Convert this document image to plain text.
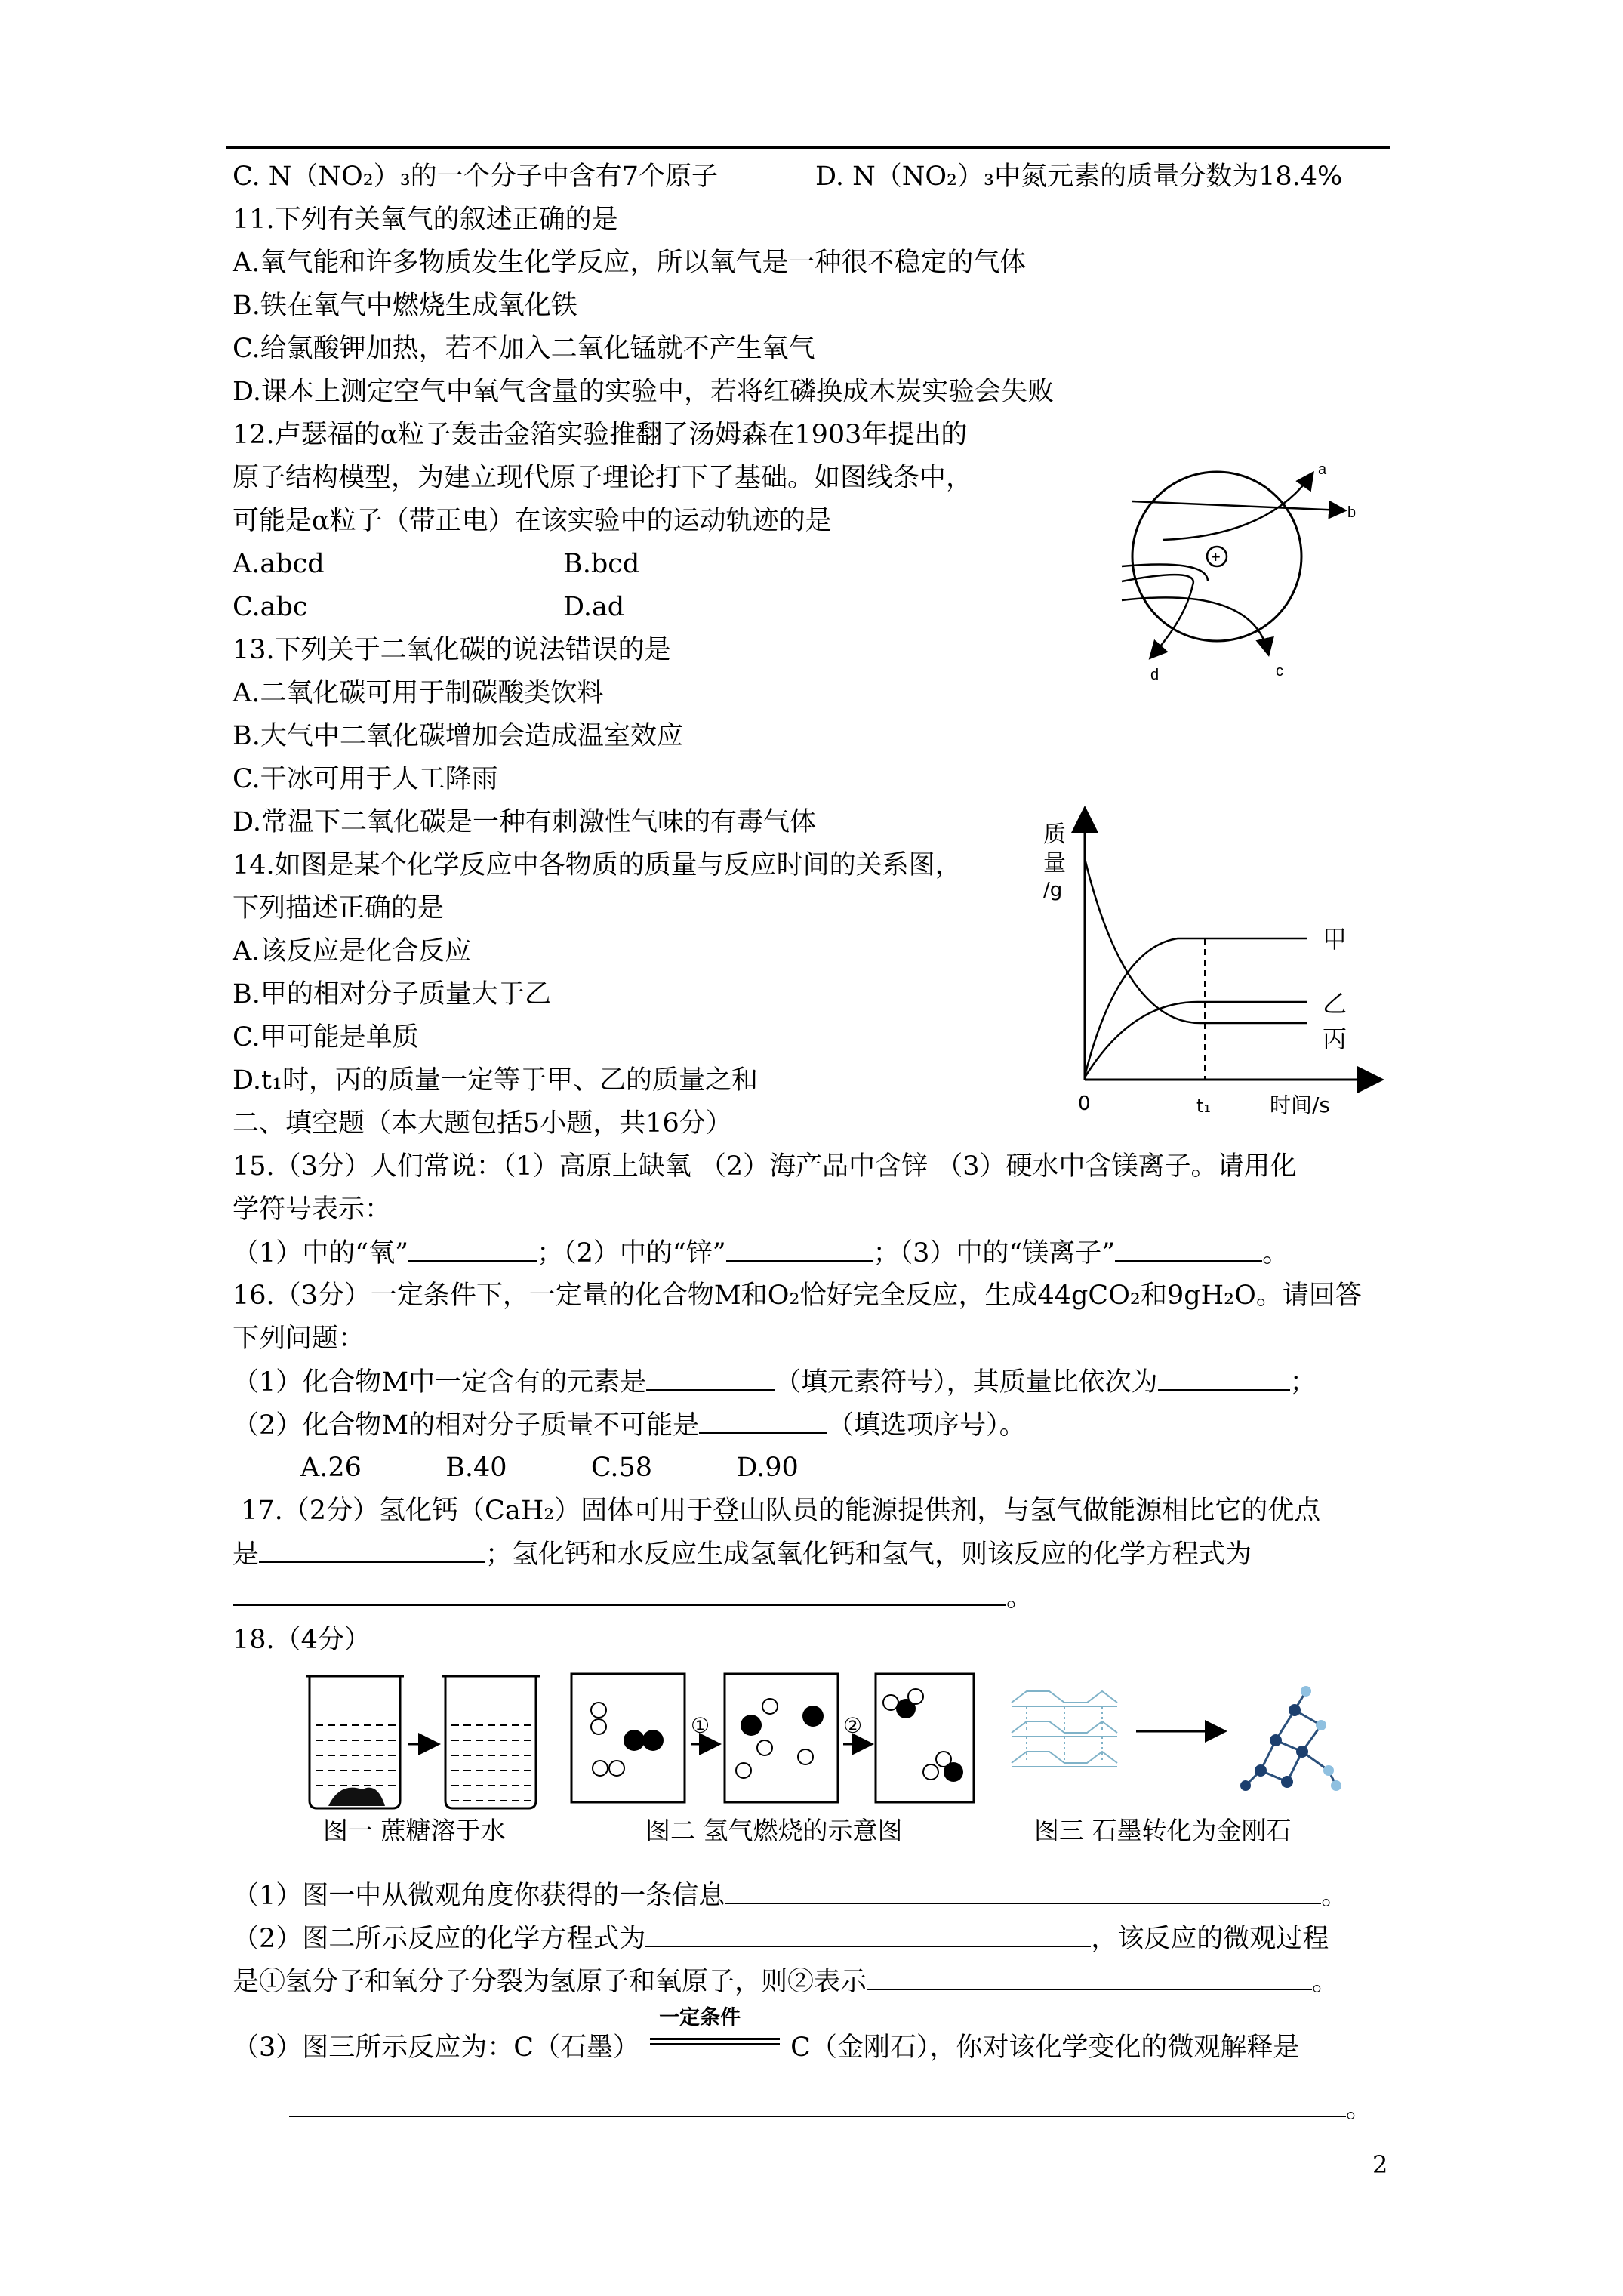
C. N（NO₂）₃的一个分子中含有7个原子	D. N（NO₂）₃中氮元素的质量分数为18.4%
11.下列有关氧气的叙述正确的是
A.氧气能和许多物质发生化学反应，所以氧气是一种很不稳定的气体
B.铁在氧气中燃烧生成氧化铁
C.给氯酸钾加热，若不加入二氧化锰就不产生氧气
D.课本上测定空气中氧气含量的实验中，若将红磷换成木炭实验会失败
12.卢瑟福的α粒子轰击金箔实验推翻了汤姆森在1903年提出的
原子结构模型，为建立现代原子理论打下了基础。如图线条中，
可能是α粒子（带正电）在该实验中的运动轨迹的是
A.abcd	B.bcd
C.abc	D.ad
+
a
b
c
d
13.下列关于二氧化碳的说法错误的是
A.二氧化碳可用于制碳酸类饮料
B.大气中二氧化碳增加会造成温室效应
C.干冰可用于人工降雨
D.常温下二氧化碳是一种有刺激性气味的有毒气体
14.如图是某个化学反应中各物质的质量与反应时间的关系图，
下列描述正确的是
A.该反应是化合反应
B.甲的相对分子质量大于乙
C.甲可能是单质
D.t₁时，丙的质量一定等于甲、乙的质量之和
质
量
/g
0	t₁	时间/s
甲
乙
丙
二、填空题（本大题包括5小题，共16分）
15.（3分）人们常说：（1）高原上缺氧 （2）海产品中含锌 （3）硬水中含镁离子。请用化
学符号表示：
（1）中的“氧”	；（2）中的“锌”	；（3）中的“镁离子”	。
16.（3分）一定条件下，一定量的化合物M和O₂恰好完全反应，生成44gCO₂和9gH₂O。请回答
下列问题：
（1）化合物M中一定含有的元素是	（填元素符号），其质量比依次为	；
（2）化合物M的相对分子质量不可能是	（填选项序号）。
A.26          B.40          C.58          D.90
17.（2分）氢化钙（CaH₂）固体可用于登山队员的能源提供剂，与氢气做能源相比它的优点
是	；氢化钙和水反应生成氢氧化钙和氢气，则该反应的化学方程式为
。
18.（4分）
①	②
图一 蔗糖溶于水	图二 氢气燃烧的示意图	图三 石墨转化为金刚石
（1）图一中从微观角度你获得的一条信息	。
（2）图二所示反应的化学方程式为	，该反应的微观过程
是①氢分子和氧分子分裂为氢原子和氧原子，则②表示	。
（3）图三所示反应为：C（石墨）
一定条件
C（金刚石），你对该化学变化的微观解释是
。
2
